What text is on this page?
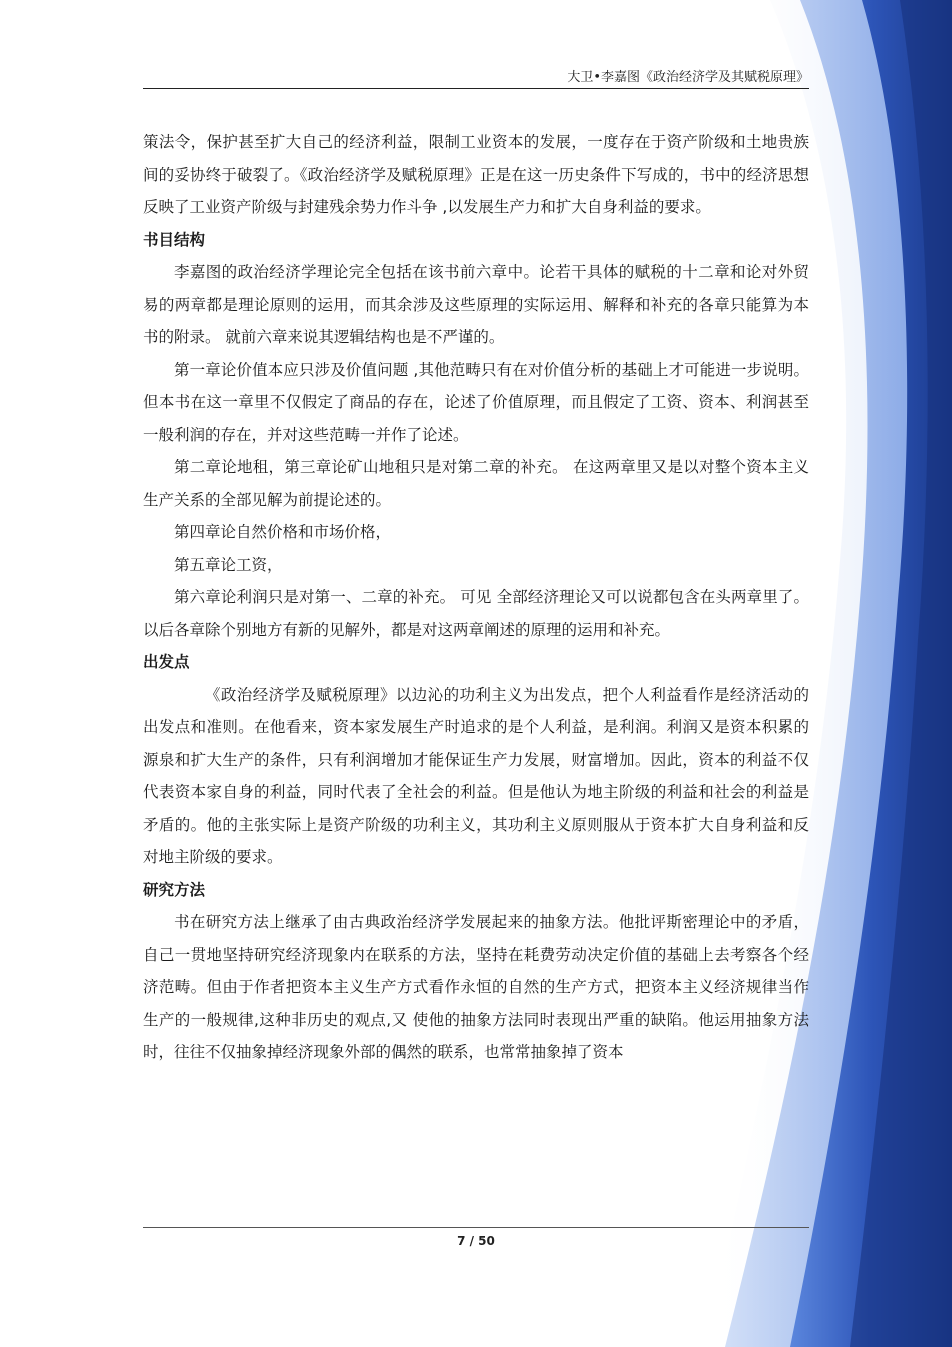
大卫•李嘉图《政治经济学及其赋税原理》

策法令，保护甚至扩大自己的经济利益，限制工业资本的发展，一度存在于资产阶级和土地贵族间的妥协终于破裂了。《政治经济学及赋税原理》正是在这一历史条件下写成的，书中的经济思想反映了工业资产阶级与封建残余势力作斗争 ,以发展生产力和扩大自身利益的要求。

书目结构

李嘉图的政治经济学理论完全包括在该书前六章中。论若干具体的赋税的十二章和论对外贸易的两章都是理论原则的运用，而其余涉及这些原理的实际运用、解释和补充的各章只能算为本书的附录。 就前六章来说其逻辑结构也是不严谨的。

第一章论价值本应只涉及价值问题 ,其他范畴只有在对价值分析的基础上才可能进一步说明。但本书在这一章里不仅假定了商品的存在，论述了价值原理，而且假定了工资、资本、利润甚至一般利润的存在，并对这些范畴一并作了论述。

第二章论地租，第三章论矿山地租只是对第二章的补充。 在这两章里又是以对整个资本主义生产关系的全部见解为前提论述的。

第四章论自然价格和市场价格，

第五章论工资，

第六章论利润只是对第一、二章的补充。 可见 全部经济理论又可以说都包含在头两章里了。 以后各章除个别地方有新的见解外，都是对这两章阐述的原理的运用和补充。

出发点

《政治经济学及赋税原理》以边沁的功利主义为出发点，把个人利益看作是经济活动的出发点和准则。在他看来，资本家发展生产时追求的是个人利益，是利润。利润又是资本积累的源泉和扩大生产的条件，只有利润增加才能保证生产力发展，财富增加。因此，资本的利益不仅代表资本家自身的利益，同时代表了全社会的利益。但是他认为地主阶级的利益和社会的利益是矛盾的。他的主张实际上是资产阶级的功利主义，其功利主义原则服从于资本扩大自身利益和反对地主阶级的要求。

研究方法

书在研究方法上继承了由古典政治经济学发展起来的抽象方法。他批评斯密理论中的矛盾，自己一贯地坚持研究经济现象内在联系的方法，坚持在耗费劳动决定价值的基础上去考察各个经济范畴。但由于作者把资本主义生产方式看作永恒的自然的生产方式，把资本主义经济规律当作生产的一般规律,这种非历史的观点,又 使他的抽象方法同时表现出严重的缺陷。他运用抽象方法时，往往不仅抽象掉经济现象外部的偶然的联系，也常常抽象掉了资本

7 / 50
